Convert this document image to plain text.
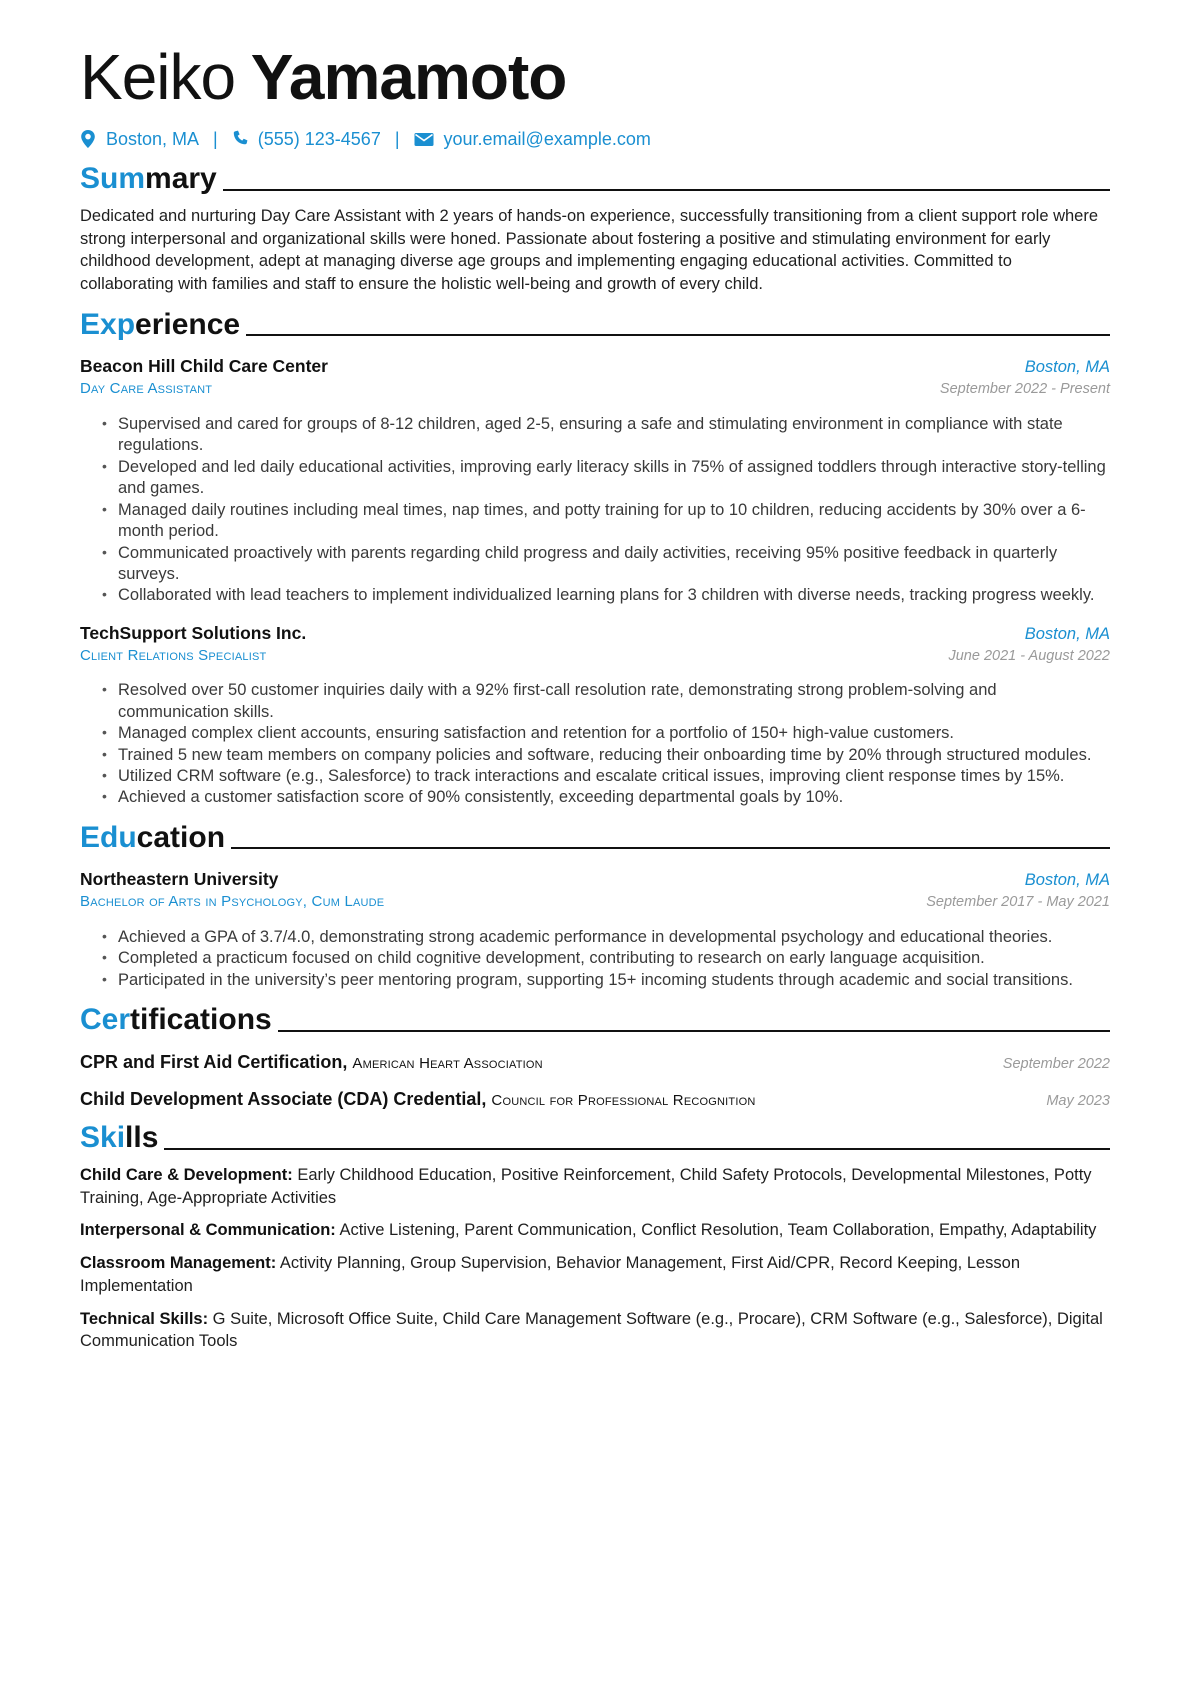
Keiko Yamamoto
Boston, MA | (555) 123-4567 | your.email@example.com
Summary

Dedicated and nurturing Day Care Assistant with 2 years of hands-on experience, successfully transitioning from a client support role where strong interpersonal and organizational skills were honed. Passionate about fostering a positive and stimulating environment for early childhood development, adept at managing diverse age groups and implementing engaging educational activities. Committed to collaborating with families and staff to ensure the holistic well-being and growth of every child.

Experience
Beacon Hill Child Care Center	Boston, MA
Day Care Assistant	September 2022 - Present
• Supervised and cared for groups of 8-12 children, aged 2-5, ensuring a safe and stimulating environment in compliance with state regulations.
• Developed and led daily educational activities, improving early literacy skills in 75% of assigned toddlers through interactive story-telling and games.
• Managed daily routines including meal times, nap times, and potty training for up to 10 children, reducing accidents by 30% over a 6-month period.
• Communicated proactively with parents regarding child progress and daily activities, receiving 95% positive feedback in quarterly surveys.
• Collaborated with lead teachers to implement individualized learning plans for 3 children with diverse needs, tracking progress weekly.
TechSupport Solutions Inc.	Boston, MA
Client Relations Specialist	June 2021 - August 2022
• Resolved over 50 customer inquiries daily with a 92% first-call resolution rate, demonstrating strong problem-solving and communication skills.
• Managed complex client accounts, ensuring satisfaction and retention for a portfolio of 150+ high-value customers.
• Trained 5 new team members on company policies and software, reducing their onboarding time by 20% through structured modules.
• Utilized CRM software (e.g., Salesforce) to track interactions and escalate critical issues, improving client response times by 15%.
• Achieved a customer satisfaction score of 90% consistently, exceeding departmental goals by 10%.
Education
Northeastern University	Boston, MA
Bachelor of Arts in Psychology, Cum Laude	September 2017 - May 2021
• Achieved a GPA of 3.7/4.0, demonstrating strong academic performance in developmental psychology and educational theories.
• Completed a practicum focused on child cognitive development, contributing to research on early language acquisition.
• Participated in the university’s peer mentoring program, supporting 15+ incoming students through academic and social transitions.
Certifications
CPR and First Aid Certification, American Heart Association	September 2022
Child Development Associate (CDA) Credential, Council for Professional Recognition	May 2023
Skills

Child Care & Development: Early Childhood Education, Positive Reinforcement, Child Safety Protocols, Developmental Milestones, Potty Training, Age-Appropriate Activities

Interpersonal & Communication: Active Listening, Parent Communication, Conflict Resolution, Team Collaboration, Empathy, Adaptability

Classroom Management: Activity Planning, Group Supervision, Behavior Management, First Aid/CPR, Record Keeping, Lesson Implementation

Technical Skills: G Suite, Microsoft Office Suite, Child Care Management Software (e.g., Procare), CRM Software (e.g., Salesforce), Digital Communication Tools
